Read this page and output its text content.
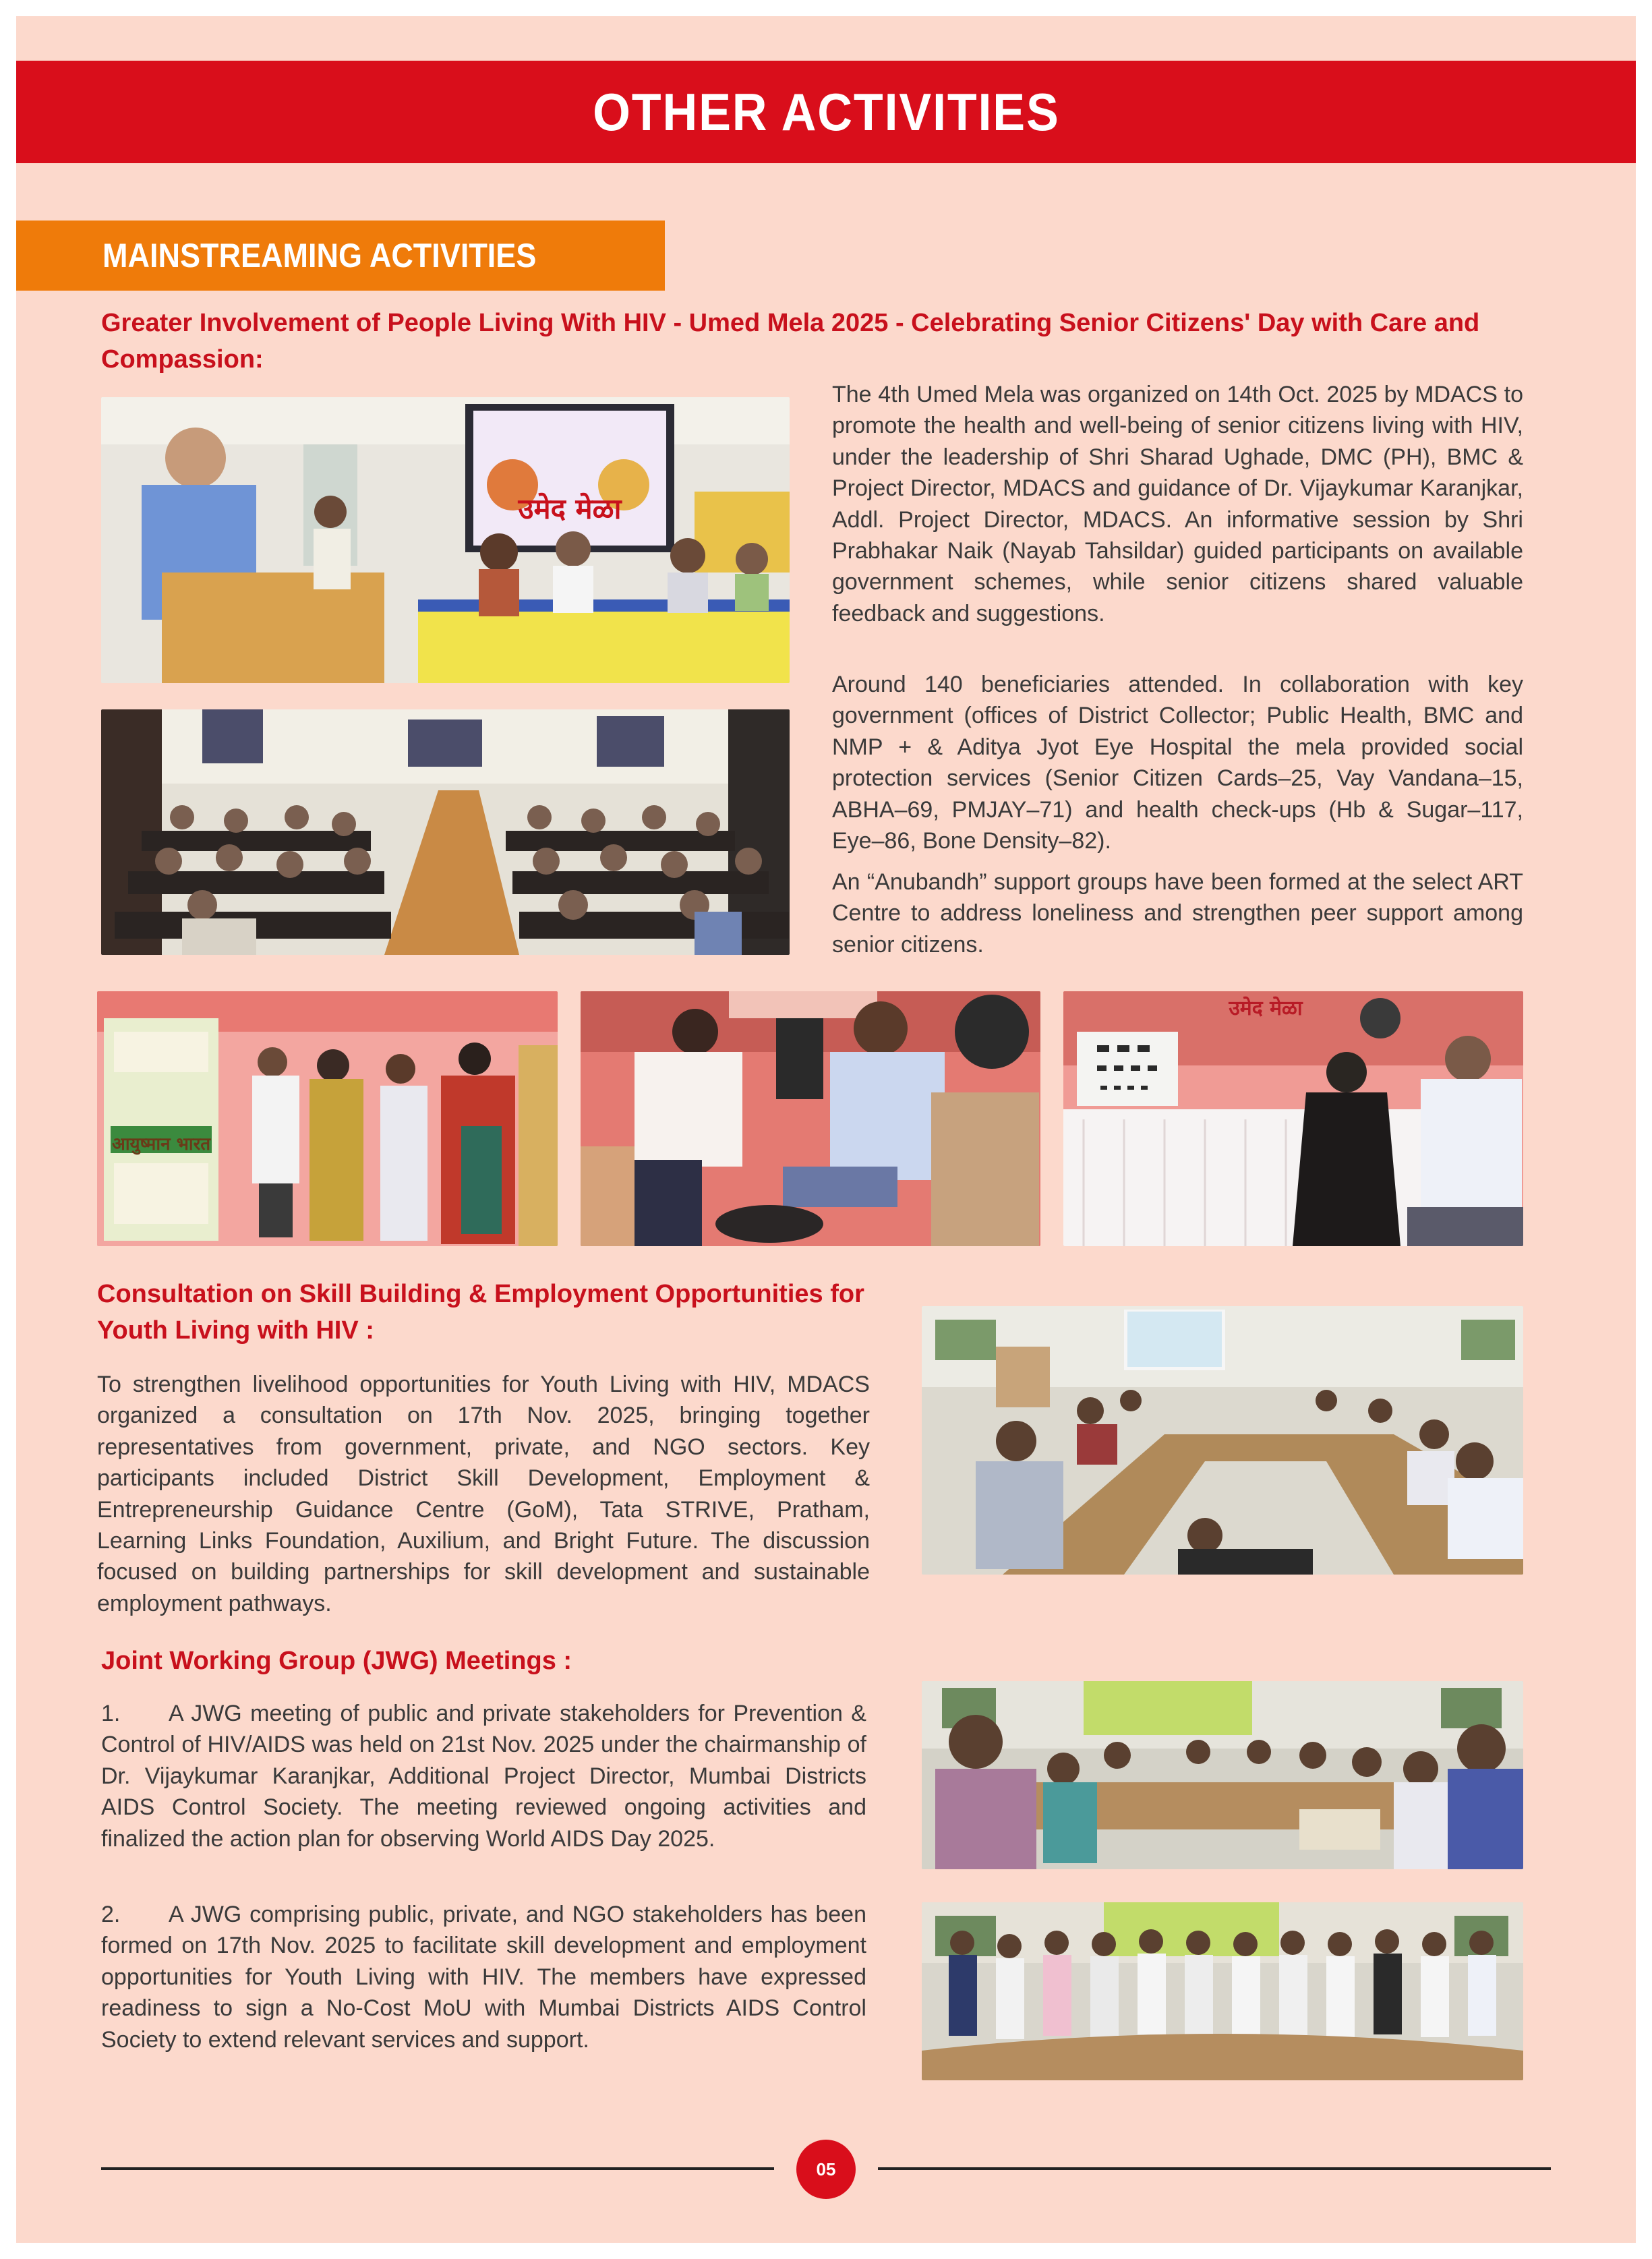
OTHER ACTIVITIES
MAINSTREAMING ACTIVITIES
Greater Involvement of People Living With HIV - Umed Mela 2025 - Celebrating Senior Citizens' Day with Care and Compassion:
उमेद मेळा

The 4th Umed Mela was organized on 14th Oct. 2025 by MDACS to promote the health and well-being of senior citizens living with HIV, under the leadership of Shri Sharad Ughade, DMC (PH), BMC & Project Director, MDACS and guidance of Dr. Vijaykumar Karanjkar, Addl. Project Director, MDACS. An informative session by Shri Prabhakar Naik (Nayab Tahsildar) guided participants on available government schemes, while senior citizens shared valuable feedback and suggestions.

Around 140 beneficiaries attended. In collaboration with key government (offices of District Collector; Public Health, BMC and NMP + & Aditya Jyot Eye Hospital the mela provided social protection services (Senior Citizen Cards–25, Vay Vandana–15, ABHA–69, PMJAY–71) and health check-ups (Hb & Sugar–117, Eye–86, Bone Density–82).

An “Anubandh” support groups have been formed at the select ART Centre to address loneliness and strengthen peer support among senior citizens.

आयुष्मान भारत
उमेद मेळा
Consultation on Skill Building & Employment Opportunities for Youth Living with HIV :

To strengthen livelihood opportunities for Youth Living with HIV, MDACS organized a consultation on 17th Nov. 2025, bringing together representatives from government, private, and NGO sectors. Key participants included District Skill Development, Employment & Entrepreneurship Guidance Centre (GoM), Tata STRIVE, Pratham, Learning Links Foundation, Auxilium, and Bright Future. The discussion focused on building partnerships for skill development and sustainable employment pathways.

Joint Working Group (JWG) Meetings :

1. A JWG meeting of public and private stakeholders for Prevention & Control of HIV/AIDS was held on 21st Nov. 2025 under the chairmanship of Dr. Vijaykumar Karanjkar, Additional Project Director, Mumbai Districts AIDS Control Society. The meeting reviewed ongoing activities and finalized the action plan for observing World AIDS Day 2025.

2. A JWG comprising public, private, and NGO stakeholders has been formed on 17th Nov. 2025 to facilitate skill development and employment opportunities for Youth Living with HIV. The members have expressed readiness to sign a No-Cost MoU with Mumbai Districts AIDS Control Society to extend relevant services and support.

05
